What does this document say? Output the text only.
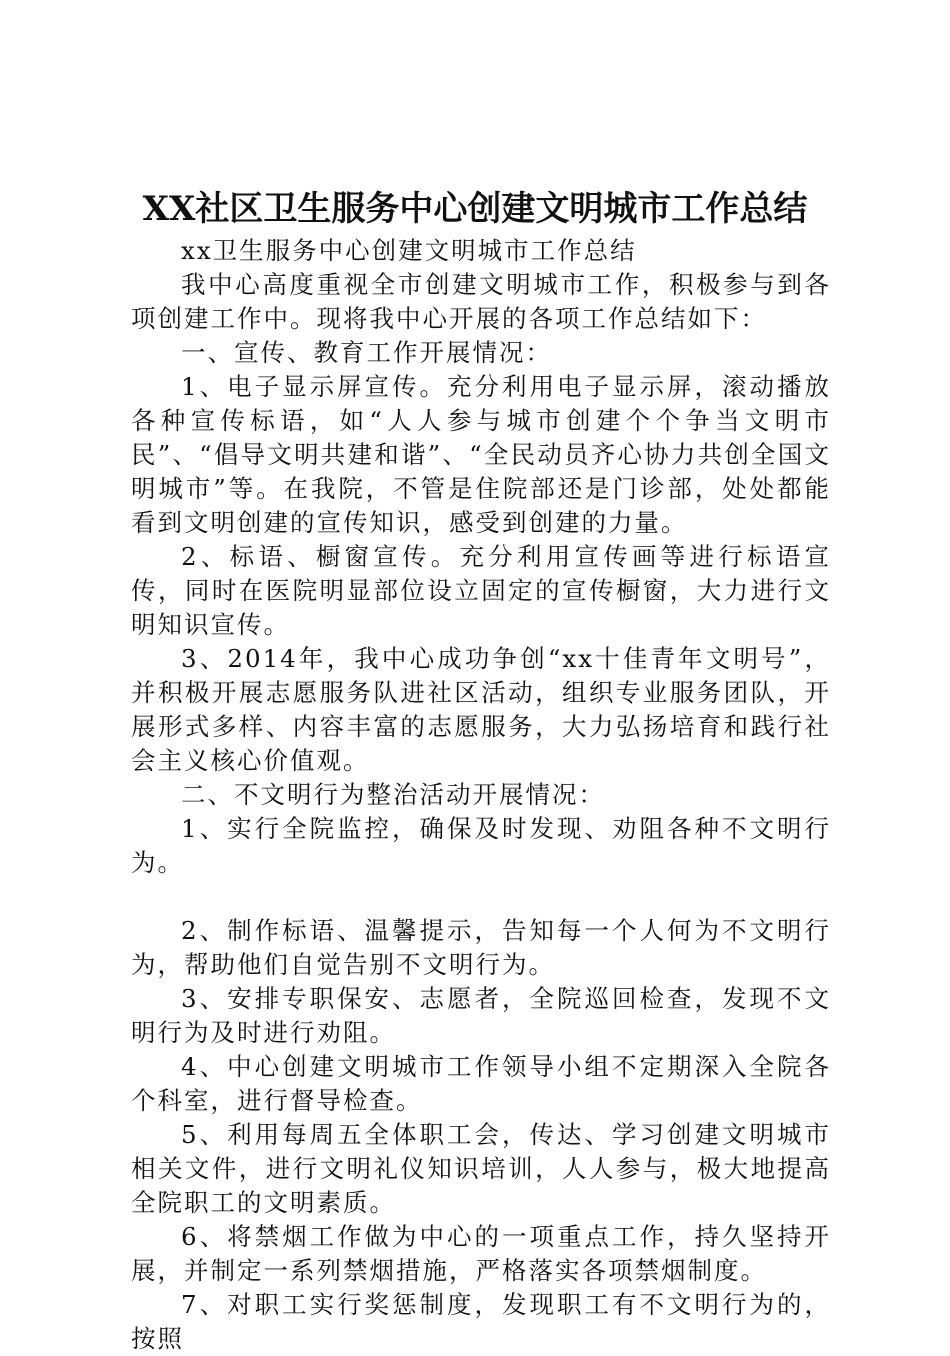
XX社区卫生服务中心创建文明城市工作总结

xx卫生服务中心创建文明城市工作总结

我中心高度重视全市创建文明城市工作，积极参与到各项创建工作中。现将我中心开展的各项工作总结如下：

一、宣传、教育工作开展情况：

1、电子显示屏宣传。充分利用电子显示屏，滚动播放各种宣传标语，如“人人参与城市创建个个争当文明市民”、“倡导文明共建和谐”、“全民动员齐心协力共创全国文明城市”等。在我院，不管是住院部还是门诊部，处处都能看到文明创建的宣传知识，感受到创建的力量。

2、标语、橱窗宣传。充分利用宣传画等进行标语宣传，同时在医院明显部位设立固定的宣传橱窗，大力进行文明知识宣传。

3、2014年，我中心成功争创“xx十佳青年文明号”，并积极开展志愿服务队进社区活动，组织专业服务团队，开展形式多样、内容丰富的志愿服务，大力弘扬培育和践行社会主义核心价值观。

二、不文明行为整治活动开展情况：

1、实行全院监控，确保及时发现、劝阻各种不文明行为。

2、制作标语、温馨提示，告知每一个人何为不文明行为，帮助他们自觉告别不文明行为。

3、安排专职保安、志愿者，全院巡回检查，发现不文明行为及时进行劝阻。

4、中心创建文明城市工作领导小组不定期深入全院各个科室，进行督导检查。

5、利用每周五全体职工会，传达、学习创建文明城市相关文件，进行文明礼仪知识培训，人人参与，极大地提高全院职工的文明素质。

6、将禁烟工作做为中心的一项重点工作，持久坚持开展，并制定一系列禁烟措施，严格落实各项禁烟制度。

7、对职工实行奖惩制度，发现职工有不文明行为的，按照
